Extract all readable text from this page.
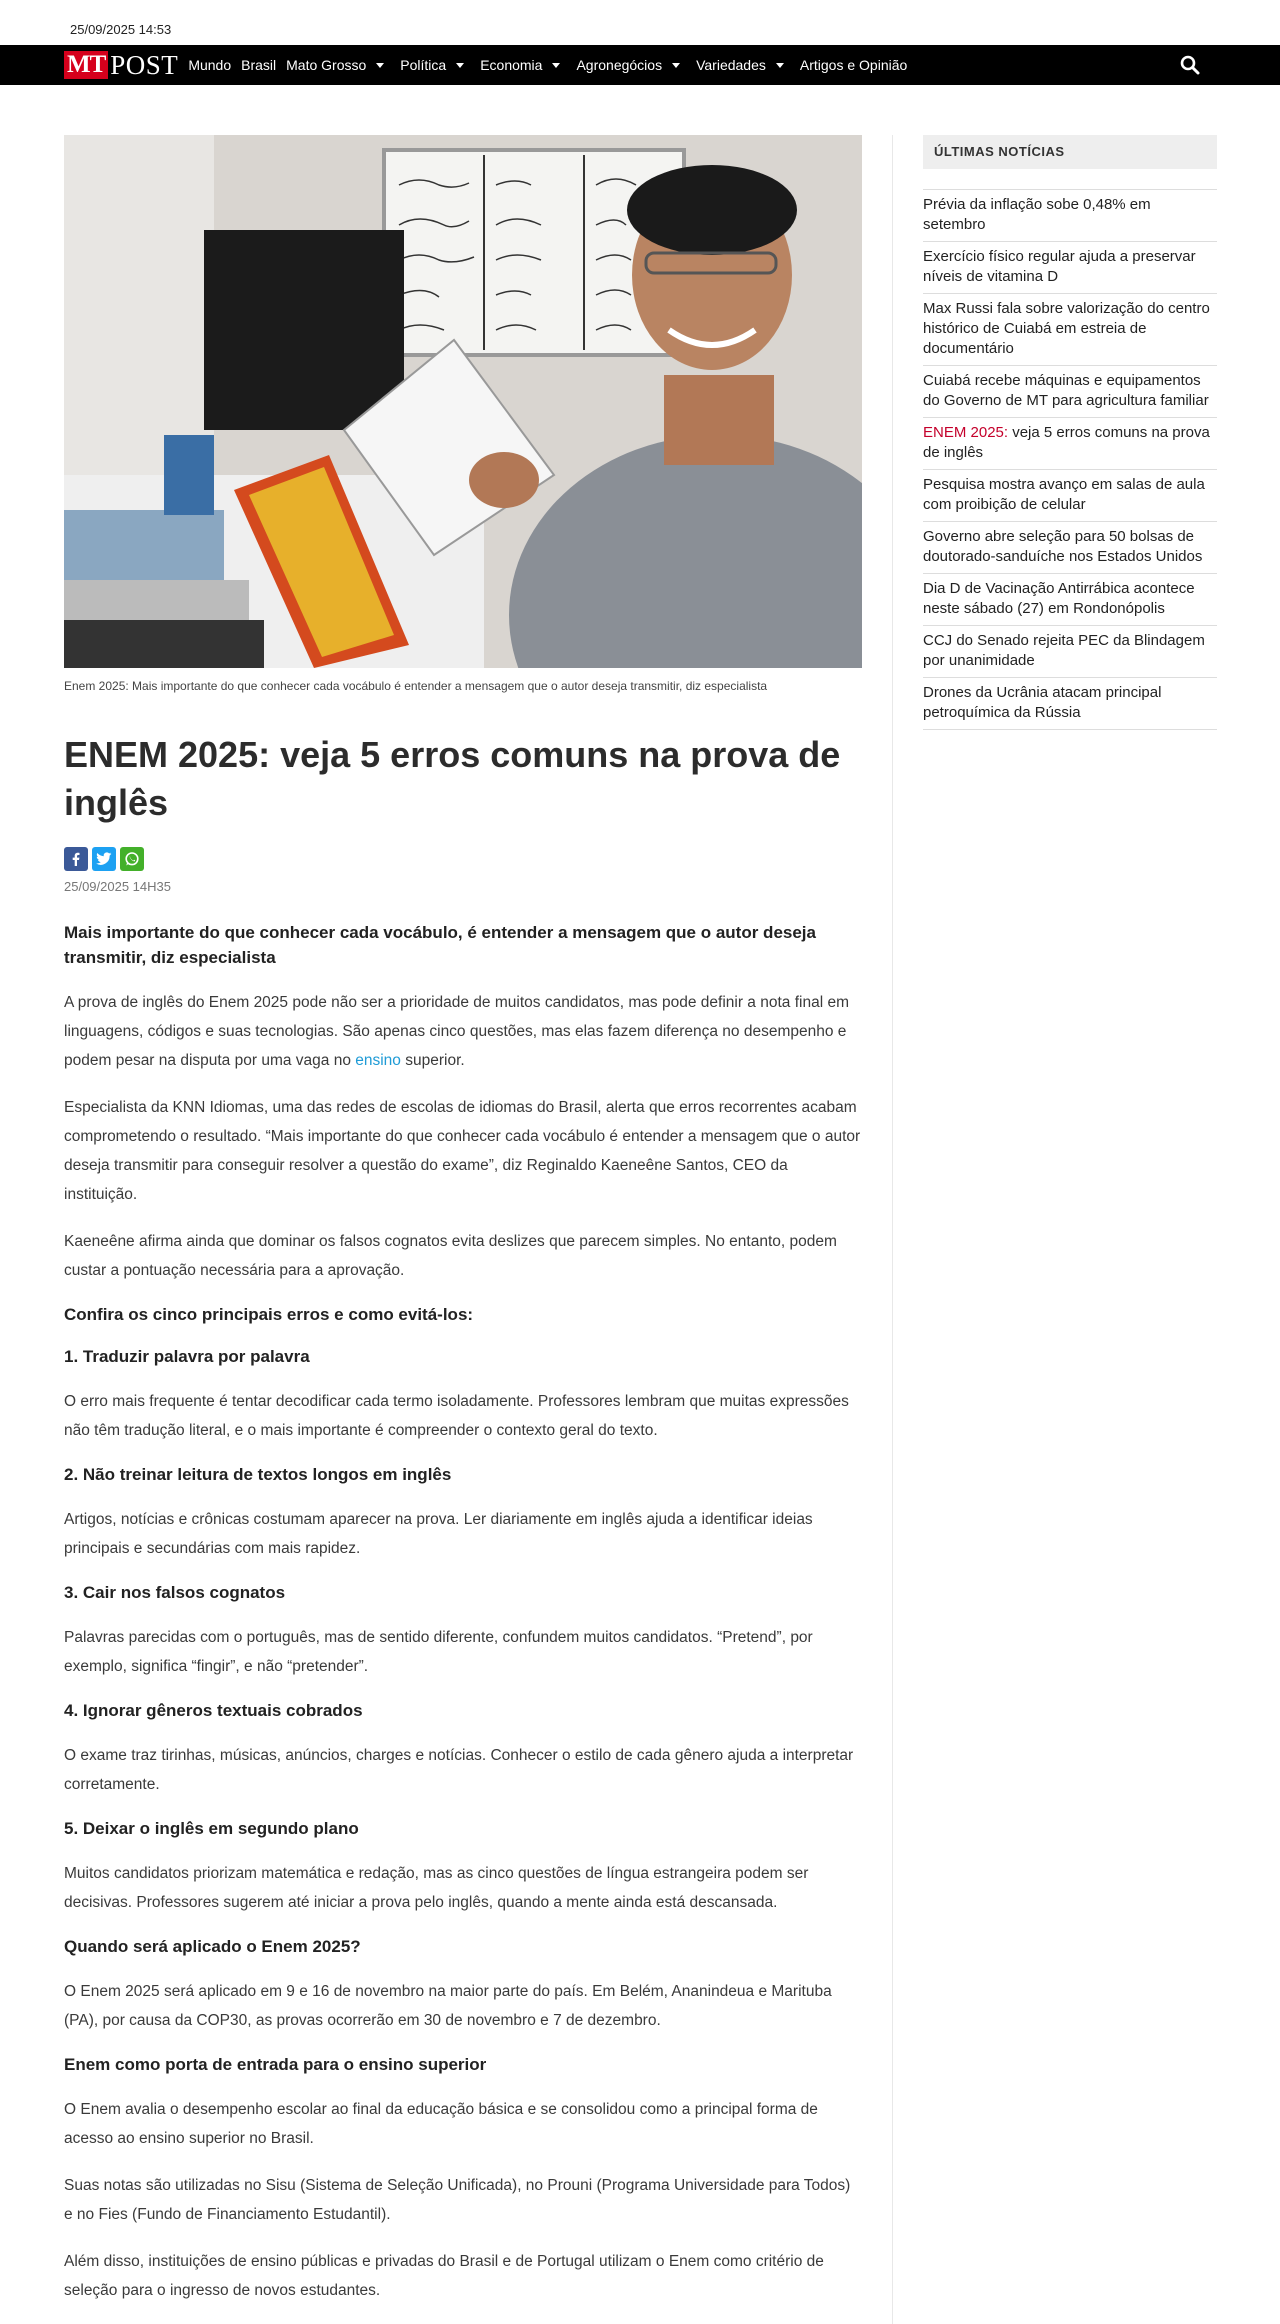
25/09/2025 14:53
MT POST Mundo Brasil Mato Grosso Política Economia Agronegócios Variedades Artigos e Opinião
Enem 2025: Mais importante do que conhecer cada vocábulo é entender a mensagem que o autor deseja transmitir, diz especialista
ENEM 2025: veja 5 erros comuns na prova de inglês
25/09/2025 14H35

Mais importante do que conhecer cada vocábulo, é entender a mensagem que o autor deseja transmitir, diz especialista

A prova de inglês do Enem 2025 pode não ser a prioridade de muitos candidatos, mas pode definir a nota final em linguagens, códigos e suas tecnologias. São apenas cinco questões, mas elas fazem diferença no desempenho e podem pesar na disputa por uma vaga no ensino superior.

Especialista da KNN Idiomas, uma das redes de escolas de idiomas do Brasil, alerta que erros recorrentes acabam comprometendo o resultado. “Mais importante do que conhecer cada vocábulo é entender a mensagem que o autor deseja transmitir para conseguir resolver a questão do exame”, diz Reginaldo Kaeneêne Santos, CEO da instituição.

Kaeneêne afirma ainda que dominar os falsos cognatos evita deslizes que parecem simples. No entanto, podem custar a pontuação necessária para a aprovação.

Confira os cinco principais erros e como evitá-los:
1. Traduzir palavra por palavra

O erro mais frequente é tentar decodificar cada termo isoladamente. Professores lembram que muitas expressões não têm tradução literal, e o mais importante é compreender o contexto geral do texto.

2. Não treinar leitura de textos longos em inglês

Artigos, notícias e crônicas costumam aparecer na prova. Ler diariamente em inglês ajuda a identificar ideias principais e secundárias com mais rapidez.

3. Cair nos falsos cognatos

Palavras parecidas com o português, mas de sentido diferente, confundem muitos candidatos. “Pretend”, por exemplo, significa “fingir”, e não “pretender”.

4. Ignorar gêneros textuais cobrados

O exame traz tirinhas, músicas, anúncios, charges e notícias. Conhecer o estilo de cada gênero ajuda a interpretar corretamente.

5. Deixar o inglês em segundo plano

Muitos candidatos priorizam matemática e redação, mas as cinco questões de língua estrangeira podem ser decisivas. Professores sugerem até iniciar a prova pelo inglês, quando a mente ainda está descansada.

Quando será aplicado o Enem 2025?

O Enem 2025 será aplicado em 9 e 16 de novembro na maior parte do país. Em Belém, Ananindeua e Marituba (PA), por causa da COP30, as provas ocorrerão em 30 de novembro e 7 de dezembro.

Enem como porta de entrada para o ensino superior

O Enem avalia o desempenho escolar ao final da educação básica e se consolidou como a principal forma de acesso ao ensino superior no Brasil.

Suas notas são utilizadas no Sisu (Sistema de Seleção Unificada), no Prouni (Programa Universidade para Todos) e no Fies (Fundo de Financiamento Estudantil).

Além disso, instituições de ensino públicas e privadas do Brasil e de Portugal utilizam o Enem como critério de seleção para o ingresso de novos estudantes.

ÚLTIMAS NOTÍCIAS
Prévia da inflação sobe 0,48% em setembro
Exercício físico regular ajuda a preservar níveis de vitamina D
Max Russi fala sobre valorização do centro histórico de Cuiabá em estreia de documentário
Cuiabá recebe máquinas e equipamentos do Governo de MT para agricultura familiar
ENEM 2025: veja 5 erros comuns na prova de inglês
Pesquisa mostra avanço em salas de aula com proibição de celular
Governo abre seleção para 50 bolsas de doutorado-sanduíche nos Estados Unidos
Dia D de Vacinação Antirrábica acontece neste sábado (27) em Rondonópolis
CCJ do Senado rejeita PEC da Blindagem por unanimidade
Drones da Ucrânia atacam principal petroquímica da Rússia
